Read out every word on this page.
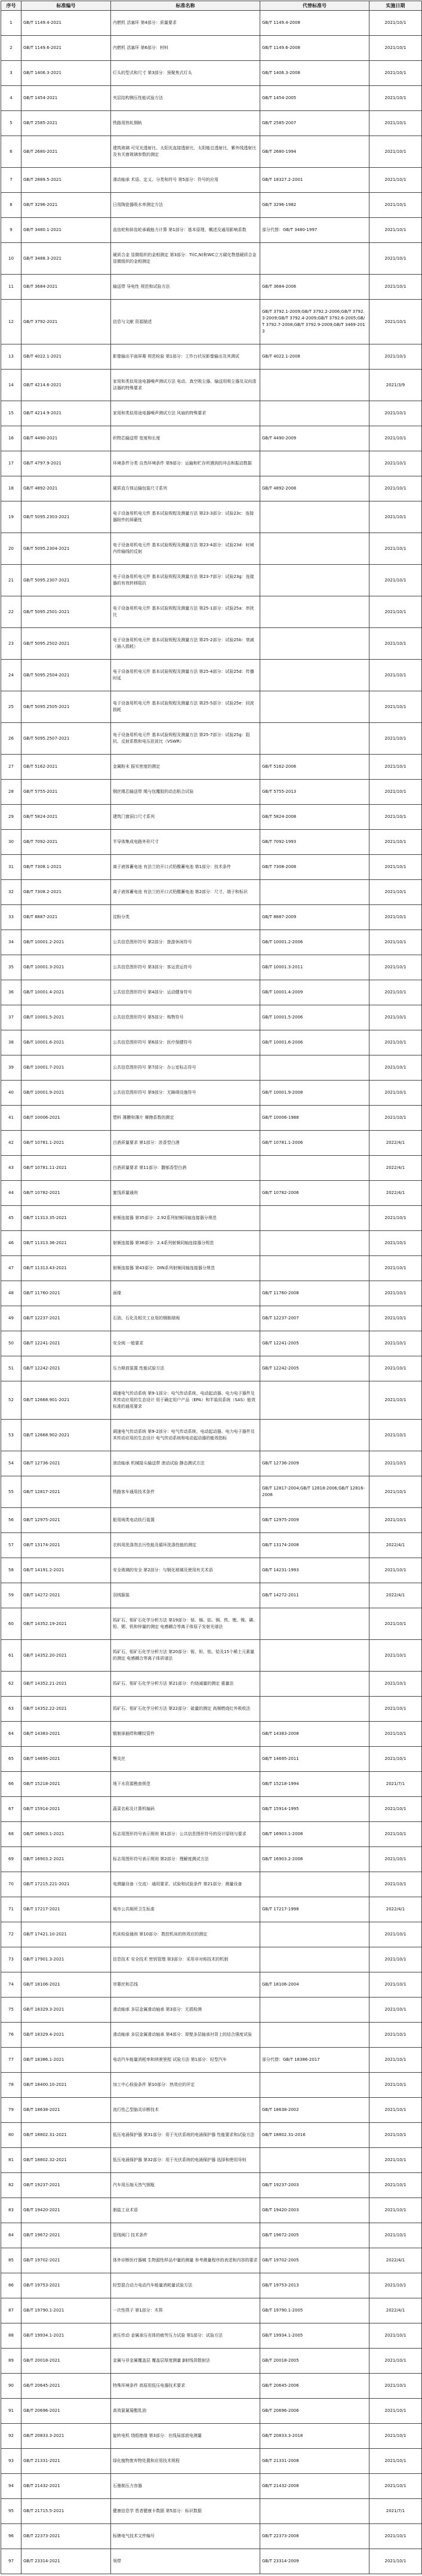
序号	标准编号	标准名称	代替标准号	实施日期
1	GB/T 1149.4-2021	内燃机 活塞环 第4部分：质量要求	GB/T 1149.4-2008	2021/10/1
2	GB/T 1149.6-2021	内燃机 活塞环 第6部分：材料	GB/T 1149.6-2008	2021/10/1
3	GB/T 1406.3-2021	灯头的型式和尺寸 第3部分：预聚焦式灯头	GB/T 1406.3-2008	2021/10/1
4	GB/T 1454-2021	夹层结构侧压性能试验方法	GB/T 1454-2005	2021/10/1
5	GB/T 2585-2021	铁路用热轧钢轨	GB/T 2585-2007	2021/10/1
6	GB/T 2680-2021	建筑玻璃 可见光透射比、太阳光直接透射比、太阳能总透射比、紫外线透射比及有关窗玻璃参数的测定	GB/T 2680-1994	2021/10/1
7	GB/T 2889.5-2021	滑动轴承 术语、定义、分类和符号 第5部分：符号的应用	GB/T 18327.2-2001	2021/10/1
8	GB/T 3296-2021	日用陶瓷器吸水率测定方法	GB/T 3296-1982	2021/10/1
9	GB/T 3480.1-2021	直齿轮和斜齿轮承载能力计算 第1部分：基本原理、概述及通用影响系数	部分代替：GB/T 3480-1997	2021/10/1
10	GB/T 3488.3-2021	硬质合金 显微组织的金相测定 第3部分：Ti(C,N)和WC立方碳化物基硬质合金显微组织的金相测定		2021/10/1
11	GB/T 3684-2021	输送带 导电性 规范和试验方法	GB/T 3684-2006	2021/10/1
12	GB/T 3792-2021	信息与文献 资源描述	GB/T 3792.1-2009;GB/T 3792.2-2006;GB/T 3792.3-2009;GB/T 3792.4-2009;GB/T 3792.6-2005;GB/T 3792.7-2008;GB/T 3792.9-2009;GB/T 3469-2013	2021/10/1
13	GB/T 4022.1-2021	影像输出平面屏幕 规范检验 第1部分：工作台状况影像输出及其测试	GB/T 4022.1-2008	2021/10/1
14	GB/T 4214.6-2021	家用和类似用途电器噪声测试方法 电动、真空吸尘器、输送用吸尘器及双向清洁器的特殊要求		2021/3/9
15	GB/T 4214.9-2021	家用和类似用途电器噪声测试方法 风扇的特殊要求		2021/10/1
16	GB/T 4490-2021	织物芯输送带 宽度和长度	GB/T 4490-2009	2021/10/1
17	GB/T 4797.9-2021	环境条件分类 自然环境条件 第9部分：运输和贮存所遇到的冲击和振动数据		2021/10/1
18	GB/T 4892-2021	硬质直方体运输包装尺寸系列	GB/T 4892-2008	2021/10/1
19	GB/T 5095.2303-2021	电子设备用机电元件 基本试验规程及测量方法 第23-3部分：试验23c：连接器附件的屏蔽性		2021/10/1
20	GB/T 5095.2304-2021	电子设备用机电元件 基本试验规程及测量方法 第23-4部分：试验23d：时域内传输线的反射		2021/10/1
21	GB/T 5095.2307-2021	电子设备用机电元件 基本试验规程及测量方法 第23-7部分：试验23g：连接器的有效转移阻抗		2021/10/1
22	GB/T 5095.2501-2021	电子设备用机电元件 基本试验规程及测量方法 第25-1部分：试验25a：串扰比		2021/10/1
23	GB/T 5095.2502-2021	电子设备用机电元件 基本试验规程及测量方法 第25-2部分：试验25b：衰减（插入损耗）		2021/10/1
24	GB/T 5095.2504-2021	电子设备用机电元件 基本试验规程及测量方法 第25-4部分：试验25d：传播时延		2021/10/1
25	GB/T 5095.2505-2021	电子设备用机电元件 基本试验规程及测量方法 第25-5部分：试验25e：回波损耗		2021/10/1
26	GB/T 5095.2507-2021	电子设备用机电元件 基本试验规程及测量方法 第25-7部分：试验25g：阻抗、反射系数和电压驻波比（VSWR）		2021/10/1
27	GB/T 5162-2021	金属粉末 振实密度的测定	GB/T 5162-2006	2021/10/1
28	GB/T 5755-2021	钢丝绳芯输送带 绳与包覆胶的动态粘合试验	GB/T 5755-2013	2021/10/1
29	GB/T 5824-2021	建筑门窗洞口尺寸系列	GB/T 5824-2008	2021/10/1
30	GB/T 7092-2021	半导体集成电路外形尺寸	GB/T 7092-1993	2021/10/1
31	GB/T 7308.1-2021	离子液体蓄电池 有法兰的开口式铅酸蓄电池 第1部分：技术条件	GB/T 7308-2008	2021/10/1
32	GB/T 7308.2-2021	离子液体蓄电池 有法兰的开口式铅酸蓄电池 第2部分：尺寸、端子和标识		2021/10/1
33	GB/T 8887-2021	淀粉分类	GB/T 8887-2009	2021/10/1
34	GB/T 10001.2-2021	公共信息图形符号 第2部分：旅游休闲符号	GB/T 10001.2-2006	2021/10/1
35	GB/T 10001.3-2021	公共信息图形符号 第3部分：客运货运符号	GB/T 10001.3-2011	2021/10/1
36	GB/T 10001.4-2021	公共信息图形符号 第4部分：运动健身符号	GB/T 10001.4-2009	2021/10/1
37	GB/T 10001.5-2021	公共信息图形符号 第5部分：购物符号	GB/T 10001.5-2006	2021/10/1
38	GB/T 10001.6-2021	公共信息图形符号 第6部分：医疗保健符号	GB/T 10001.6-2006	2021/10/1
39	GB/T 10001.7-2021	公共信息图形符号 第7部分：办公室标志符号		2021/10/1
40	GB/T 10001.9-2021	公共信息图形符号 第9部分：无障碍设施符号	GB/T 10001.9-2008	2021/10/1
41	GB/T 10006-2021	塑料 薄膜和薄片 摩擦系数的测定	GB/T 10006-1988	2021/10/1
42	GB/T 10781.1-2021	白酒质量要求 第1部分：浓香型白酒	GB/T 10781.1-2006	2022/4/1
43	GB/T 10781.11-2021	白酒质量要求 第11部分：馥郁香型白酒		2022/4/1
44	GB/T 10782-2021	蜜饯质量通则	GB/T 10782-2006	2022/4/1
45	GB/T 11313.35-2021	射频连接器 第35部分：2.92系列射频同轴连接器分规范		2021/10/1
46	GB/T 11313.36-2021	射频连接器 第36部分：2.4系列射频同轴连接器分规范		2021/10/1
47	GB/T 11313.43-2021	射频连接器 第43部分：DIN系列射频同轴连接器分规范		2021/10/1
48	GB/T 11760-2021	面缘	GB/T 11760-2008	2021/10/1
49	GB/T 12237-2021	石油、石化及相关工业用的钢制球阀	GB/T 12237-2007	2021/10/1
50	GB/T 12241-2021	安全阀 一般要求	GB/T 12241-2005	2021/10/1
51	GB/T 12242-2021	压力释放装置 性能试验方法	GB/T 12242-2005	2021/10/1
52	GB/T 12668.901-2021	调速电气传动系统 第9-1部分：电气传动系统、电动起动器、电力电子器件及其传动应用的生态设计 用于确定用户产品（EPA）和半装用系统（SAS）能效标准的通用要求		2021/10/1
53	GB/T 12668.902-2021	调速电气传动系统 第9-2部分：电气传动系统、电动起动器、电力电子器件及其传动应用的生态设计 电气传动系统和电动起动器的能效指标		2021/10/1
54	GB/T 12736-2021	滚动轴承 机械接头输送带 滚动试验 静态测试方法	GB/T 12736-2009	2021/10/1
55	GB/T 12817-2021	铁路客车通用技术条件	GB/T 12817-2004;GB/T 12818-2006;GB/T 12816-2006	2021/10/1
56	GB/T 12975-2021	船用阀类电动执行装置	GB/T 12975-2009	2021/10/1
57	GB/T 13174-2021	衣料用洗涤剂去污性能及循环洗涤性能的测定	GB/T 13174-2008	2022/4/1
58	GB/T 14191.2-2021	安全玻璃的安全 第2部分：与钢化玻璃及使用有关术语	GB/T 14231-1993	2021/10/1
59	GB/T 14272-2021	羽绒服装	GB/T 14272-2011	2022/4/1
60	GB/T 14352.19-2021	钨矿石、钼矿石化学分析方法 第19部分：铋、镉、钴、铜、铁、锂、镍、磷、铅、锶、钒和锌量的测定 电感耦合等离子体原子发射光谱法		2021/10/1
61	GB/T 14352.20-2021	钨矿石、钼矿石化学分析方法 第20部分：铌、钽、锆、铪及15个稀土元素量的测定 电感耦合等离子体质谱法		2021/10/1
62	GB/T 14352.21-2021	钨矿石、钼矿石化学分析方法 第21部分：灼烧减量的测定 重量法		2021/10/1
63	GB/T 14352.22-2021	钨矿石、钼矿石化学分析方法 第22部分：硫量的测定 高频燃烧红外吸收法		2021/10/1
64	GB/T 14383-2021	锻制承插焊和螺纹管件	GB/T 14383-2008	2021/10/1
65	GB/T 14695-2021	臀炎丝	GB/T 14695-2011	2021/10/1
66	GB/T 15218-2021	地下水资源勘查规范	GB/T 15218-1994	2021/7/1
67	GB/T 15914-2021	蔬菜名称及计算机编码	GB/T 15914-1995	2021/10/1
68	GB/T 16903.1-2021	标志用图形符号表示规则 第1部分：公共信息图形符号的设计原则与要求	GB/T 16903.1-2008	2021/10/1
69	GB/T 16903.2-2021	标志用图形符号表示规则 第2部分：理解度测试方法	GB/T 16903.2-2008	2021/10/1
70	GB/T 17215.221-2021	电测量设备（交流） 通用要求、试验和试验条件 第21部分：测量设备		2021/10/1
71	GB/T 17217-2021	城市公共厕所卫生标准	GB/T 17217-1998	2022/4/1
72	GB/T 17421.10-2021	机床检验通则 第10部分：数控机床的热效应的测定		2021/10/1
73	GB/T 17901.3-2021	信息技术 安全技术 密钥管理 第3部分：采用非对称技术的机制		2021/10/1
74	GB/T 18106-2021	帘幕丝和芯线	GB/T 18106-2004	2021/10/1
75	GB/T 18329.3-2021	滑动轴承 多层金属滑动轴承 第3部分：无损检测		2021/10/1
76	GB/T 18329.4-2021	滑动轴承 多层金属滑动轴承 第4部分：厚壁多层轴承衬背上的结合强度试验		2021/10/1
77	GB/T 18386.1-2021	电动汽车能量消耗率和续驶里程 试验方法 第1部分：轻型汽车	部分代替：GB/T 18386-2017	2021/10/1
78	GB/T 18400.10-2021	加工中心检验条件 第10部分：热效应的评定		2021/10/1
79	GB/T 18638-2021	流行性乙型脑炎诊断技术	GB/T 18638-2002	2021/10/1
80	GB/T 18802.31-2021	低压电涌保护器 第31部分：用于光伏系统的电涌保护器 性能要求和试验方法	GB/T 18802.31-2016	2021/10/1
81	GB/T 18802.32-2021	低压电涌保护器 第32部分：用于光伏系统的电涌保护器 选择和使用导则		2021/10/1
82	GB/T 19237-2021	汽车用压缩天然气钢瓶	GB/T 19237-2003	2021/10/1
83	GB/T 19420-2021	制盐工业术语	GB/T 19420-2003	2021/10/1
84	GB/T 19672-2021	管线阀门 技术条件	GB/T 19672-2005	2021/10/1
85	GB/T 19702-2021	体外诊断医疗器械 生物源性样品中量的测量 参考测量程序的表述和内容的要求	GB/T 19702-2005	2022/4/1
86	GB/T 19753-2021	轻型混合动力电动汽车能量消耗量试验方法	GB/T 19753-2013	2021/10/1
87	GB/T 19790.1-2021	一次性筷子 第1部分：木筷	GB/T 19790.1-2005	2022/4/1
88	GB/T 19934.1-2021	液压传动 金属承压壳体的疲劳压力试验 第1部分：试验方法	GB/T 19934.1-2005	2021/10/1
89	GB/T 20018-2021	金属与非金属覆盖层 覆盖层厚度测量 β射线背散射法	GB/T 20018-2005	2021/10/1
90	GB/T 20645-2021	特殊环境条件 高原用低压电器技术要求	GB/T 20645-2006	2021/10/1
91	GB/T 20696-2021	高效氯氰菊酯乳油	GB/T 20696-2006	2021/10/1
92	GB/T 20833.3-2021	旋转电机 绕组绝缘 第3部分：在线局部放电测量	GB/T 20833.3-2018	2021/10/1
93	GB/T 21331-2021	绿化植物废弃物处置和应用技术规程	GB/T 21331-2008	2021/10/1
94	GB/T 21432-2021	石墨制压力容器	GB/T 21432-2008	2021/10/1
95	GB/T 21715.5-2021	健康信息学 患者健康卡数据 第5部分：标识数据		2021/7/1
96	GB/T 22373-2021	标牌电气技术文件编号	GB/T 22373-2008	2021/10/1
97	GB/T 23314-2021	领带	GB/T 23314-2009	2021/10/1
